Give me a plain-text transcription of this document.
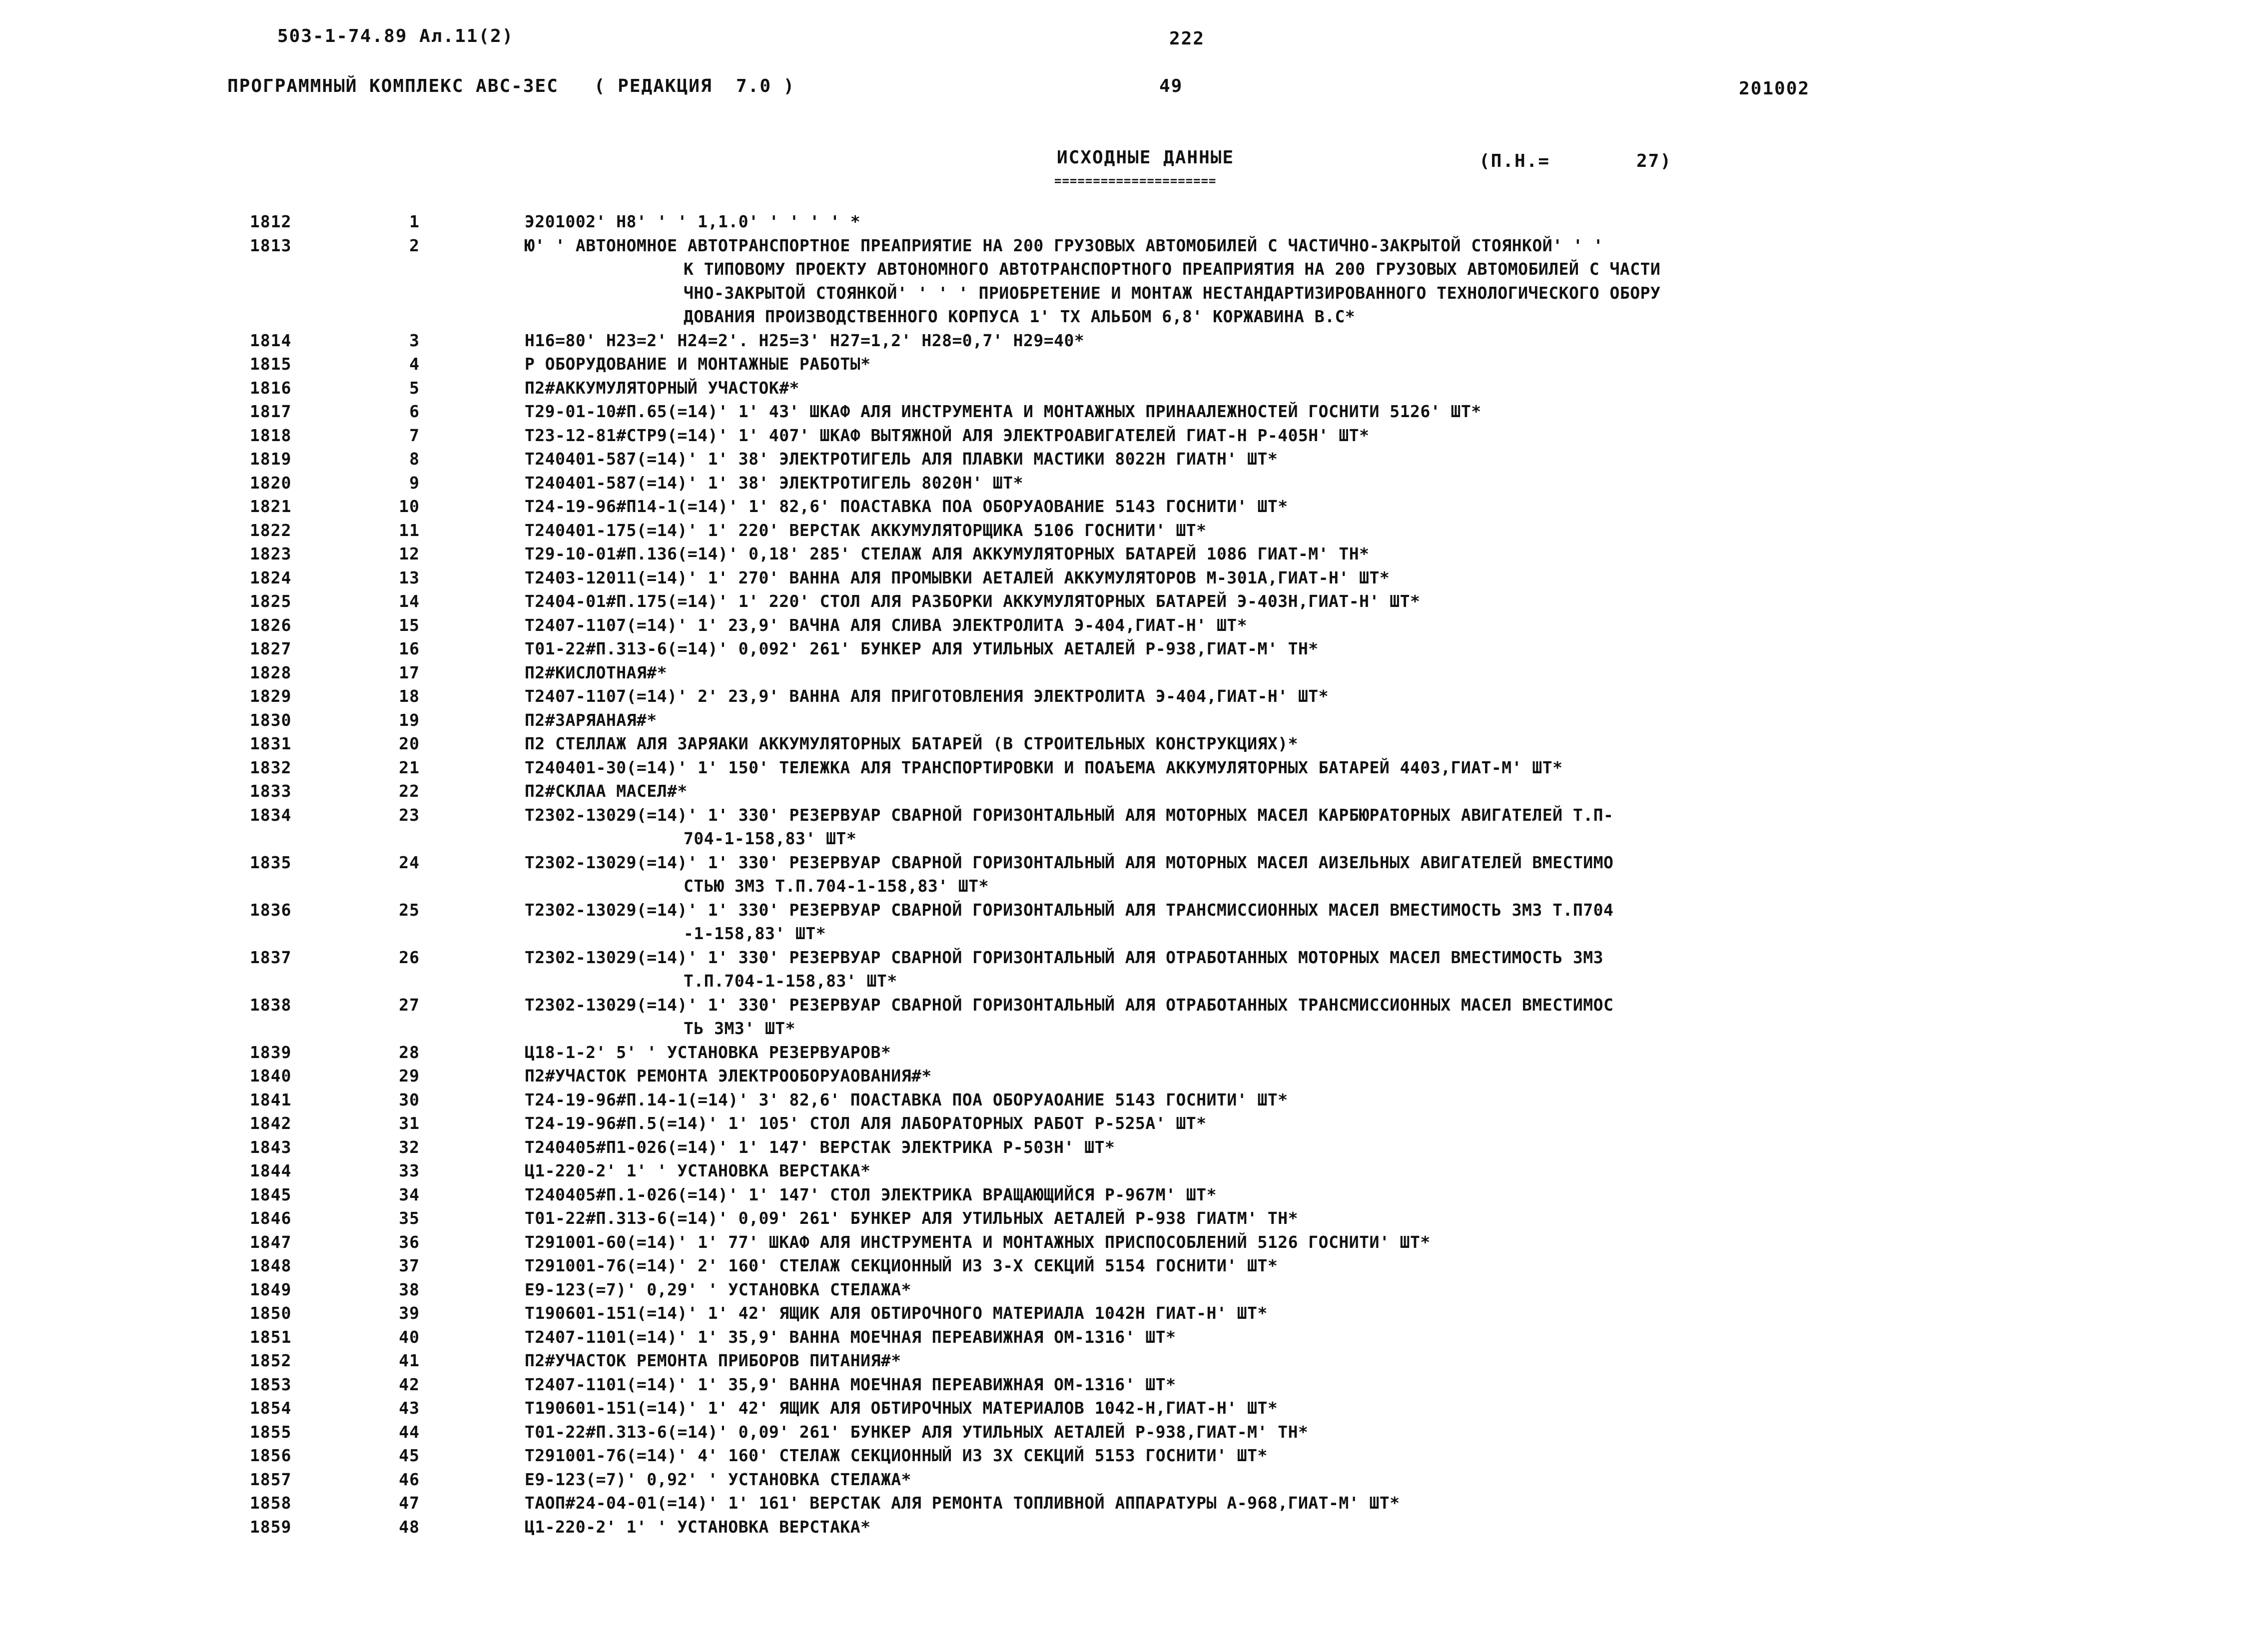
503-1-74.89 Ал.11(2)	222
ПРОГРАММНЫЙ КОМПЛЕКС АВС-ЗЕС   ( РЕДАКЦИЯ  7.0 )	49	201002
ИСХОДНЫЕ ДАННЫЕ
=====================
(П.Н.=	27)
1812	1	Э201002' Н8' ' ' 1,1.0' ' ' ' ' *
1813	2	Ю' ' АВТОНОМНОЕ АВТОТРАНСПОРТНОЕ ПРЕАПРИЯТИЕ НА 200 ГРУЗОВЫХ АВТОМОБИЛЕЙ С ЧАСТИЧНО-ЗАКРЫТОЙ СТОЯНКОЙ' ' '
К ТИПОВОМУ ПРОЕКТУ АВТОНОМНОГО АВТОТРАНСПОРТНОГО ПРЕАПРИЯТИЯ НА 200 ГРУЗОВЫХ АВТОМОБИЛЕЙ С ЧАСТИ
ЧНО-ЗАКРЫТОЙ СТОЯНКОЙ' ' ' ' ПРИОБРЕТЕНИЕ И МОНТАЖ НЕСТАНДАРТИЗИРОВАННОГО ТЕХНОЛОГИЧЕСКОГО ОБОРУ
ДОВАНИЯ ПРОИЗВОДСТВЕННОГО КОРПУСА 1' ТХ АЛЬБОМ 6,8' КОРЖАВИНА В.С*
1814	3	Н16=80' Н23=2' Н24=2'. Н25=3' Н27=1,2' Н28=0,7' Н29=40*
1815	4	Р ОБОРУДОВАНИЕ И МОНТАЖНЫЕ РАБОТЫ*
1816	5	П2#АККУМУЛЯТОРНЫЙ УЧАСТОК#*
1817	6	Т29-01-10#П.65(=14)' 1' 43' ШКАФ АЛЯ ИНСТРУМЕНТА И МОНТАЖНЫХ ПРИНААЛЕЖНОСТЕЙ ГОСНИТИ 5126' ШТ*
1818	7	Т23-12-81#СТР9(=14)' 1' 407' ШКАФ ВЫТЯЖНОЙ АЛЯ ЭЛЕКТРОАВИГАТЕЛЕЙ ГИАТ-Н Р-405Н' ШТ*
1819	8	Т240401-587(=14)' 1' 38' ЭЛЕКТРОТИГЕЛЬ АЛЯ ПЛАВКИ МАСТИКИ 8022Н ГИАТН' ШТ*
1820	9	Т240401-587(=14)' 1' 38' ЭЛЕКТРОТИГЕЛЬ 8020Н' ШТ*
1821	10	Т24-19-96#П14-1(=14)' 1' 82,6' ПОАСТАВКА ПОА ОБОРУАОВАНИЕ 5143 ГОСНИТИ' ШТ*
1822	11	Т240401-175(=14)' 1' 220' ВЕРСТАК АККУМУЛЯТОРЩИКА 5106 ГОСНИТИ' ШТ*
1823	12	Т29-10-01#П.136(=14)' 0,18' 285' СТЕЛАЖ АЛЯ АККУМУЛЯТОРНЫХ БАТАРЕЙ 1086 ГИАТ-М' ТН*
1824	13	Т2403-12011(=14)' 1' 270' ВАННА АЛЯ ПРОМЫВКИ АЕТАЛЕЙ АККУМУЛЯТОРОВ М-301А,ГИАТ-Н' ШТ*
1825	14	Т2404-01#П.175(=14)' 1' 220' СТОЛ АЛЯ РАЗБОРКИ АККУМУЛЯТОРНЫХ БАТАРЕЙ Э-403Н,ГИАТ-Н' ШТ*
1826	15	Т2407-1107(=14)' 1' 23,9' ВАЧНА АЛЯ СЛИВА ЭЛЕКТРОЛИТА Э-404,ГИАТ-Н' ШТ*
1827	16	Т01-22#П.313-6(=14)' 0,092' 261' БУНКЕР АЛЯ УТИЛЬНЫХ АЕТАЛЕЙ Р-938,ГИАТ-М' ТН*
1828	17	П2#КИСЛОТНАЯ#*
1829	18	Т2407-1107(=14)' 2' 23,9' ВАННА АЛЯ ПРИГОТОВЛЕНИЯ ЭЛЕКТРОЛИТА Э-404,ГИАТ-Н' ШТ*
1830	19	П2#ЗАРЯАНАЯ#*
1831	20	П2 СТЕЛЛАЖ АЛЯ ЗАРЯАКИ АККУМУЛЯТОРНЫХ БАТАРЕЙ (В СТРОИТЕЛЬНЫХ КОНСТРУКЦИЯХ)*
1832	21	Т240401-30(=14)' 1' 150' ТЕЛЕЖКА АЛЯ ТРАНСПОРТИРОВКИ И ПОАЪЕМА АККУМУЛЯТОРНЫХ БАТАРЕЙ 4403,ГИАТ-М' ШТ*
1833	22	П2#СКЛАА МАСЕЛ#*
1834	23	Т2302-13029(=14)' 1' 330' РЕЗЕРВУАР СВАРНОЙ ГОРИЗОНТАЛЬНЫЙ АЛЯ МОТОРНЫХ МАСЕЛ КАРБЮРАТОРНЫХ АВИГАТЕЛЕЙ Т.П-
704-1-158,83' ШТ*
1835	24	Т2302-13029(=14)' 1' 330' РЕЗЕРВУАР СВАРНОЙ ГОРИЗОНТАЛЬНЫЙ АЛЯ МОТОРНЫХ МАСЕЛ АИЗЕЛЬНЫХ АВИГАТЕЛЕЙ ВМЕСТИМО
СТЬЮ 3М3 Т.П.704-1-158,83' ШТ*
1836	25	Т2302-13029(=14)' 1' 330' РЕЗЕРВУАР СВАРНОЙ ГОРИЗОНТАЛЬНЫЙ АЛЯ ТРАНСМИССИОННЫХ МАСЕЛ ВМЕСТИМОСТЬ 3М3 Т.П704
-1-158,83' ШТ*
1837	26	Т2302-13029(=14)' 1' 330' РЕЗЕРВУАР СВАРНОЙ ГОРИЗОНТАЛЬНЫЙ АЛЯ ОТРАБОТАННЫХ МОТОРНЫХ МАСЕЛ ВМЕСТИМОСТЬ 3М3
Т.П.704-1-158,83' ШТ*
1838	27	Т2302-13029(=14)' 1' 330' РЕЗЕРВУАР СВАРНОЙ ГОРИЗОНТАЛЬНЫЙ АЛЯ ОТРАБОТАННЫХ ТРАНСМИССИОННЫХ МАСЕЛ ВМЕСТИМОС
ТЬ 3М3' ШТ*
1839	28	Ц18-1-2' 5' ' УСТАНОВКА РЕЗЕРВУАРОВ*
1840	29	П2#УЧАСТОК РЕМОНТА ЭЛЕКТРООБОРУАОВАНИЯ#*
1841	30	Т24-19-96#П.14-1(=14)' 3' 82,6' ПОАСТАВКА ПОА ОБОРУАОАНИЕ 5143 ГОСНИТИ' ШТ*
1842	31	Т24-19-96#П.5(=14)' 1' 105' СТОЛ АЛЯ ЛАБОРАТОРНЫХ РАБОТ Р-525А' ШТ*
1843	32	Т240405#П1-026(=14)' 1' 147' ВЕРСТАК ЭЛЕКТРИКА Р-503Н' ШТ*
1844	33	Ц1-220-2' 1' ' УСТАНОВКА ВЕРСТАКА*
1845	34	Т240405#П.1-026(=14)' 1' 147' СТОЛ ЭЛЕКТРИКА ВРАЩАЮЩИЙСЯ Р-967М' ШТ*
1846	35	Т01-22#П.313-6(=14)' 0,09' 261' БУНКЕР АЛЯ УТИЛЬНЫХ АЕТАЛЕЙ Р-938 ГИАТМ' ТН*
1847	36	Т291001-60(=14)' 1' 77' ШКАФ АЛЯ ИНСТРУМЕНТА И МОНТАЖНЫХ ПРИСПОСОБЛЕНИЙ 5126 ГОСНИТИ' ШТ*
1848	37	Т291001-76(=14)' 2' 160' СТЕЛАЖ СЕКЦИОННЫЙ ИЗ 3-Х СЕКЦИЙ 5154 ГОСНИТИ' ШТ*
1849	38	Е9-123(=7)' 0,29' ' УСТАНОВКА СТЕЛАЖА*
1850	39	Т190601-151(=14)' 1' 42' ЯЩИК АЛЯ ОБТИРОЧНОГО МАТЕРИАЛА 1042Н ГИАТ-Н' ШТ*
1851	40	Т2407-1101(=14)' 1' 35,9' ВАННА МОЕЧНАЯ ПЕРЕАВИЖНАЯ ОМ-1316' ШТ*
1852	41	П2#УЧАСТОК РЕМОНТА ПРИБОРОВ ПИТАНИЯ#*
1853	42	Т2407-1101(=14)' 1' 35,9' ВАННА МОЕЧНАЯ ПЕРЕАВИЖНАЯ ОМ-1316' ШТ*
1854	43	Т190601-151(=14)' 1' 42' ЯЩИК АЛЯ ОБТИРОЧНЫХ МАТЕРИАЛОВ 1042-Н,ГИАТ-Н' ШТ*
1855	44	Т01-22#П.313-6(=14)' 0,09' 261' БУНКЕР АЛЯ УТИЛЬНЫХ АЕТАЛЕЙ Р-938,ГИАТ-М' ТН*
1856	45	Т291001-76(=14)' 4' 160' СТЕЛАЖ СЕКЦИОННЫЙ ИЗ 3Х СЕКЦИЙ 5153 ГОСНИТИ' ШТ*
1857	46	Е9-123(=7)' 0,92' ' УСТАНОВКА СТЕЛАЖА*
1858	47	ТАОП#24-04-01(=14)' 1' 161' ВЕРСТАК АЛЯ РЕМОНТА ТОПЛИВНОЙ АППАРАТУРЫ А-968,ГИАТ-М' ШТ*
1859	48	Ц1-220-2' 1' ' УСТАНОВКА ВЕРСТАКА*
